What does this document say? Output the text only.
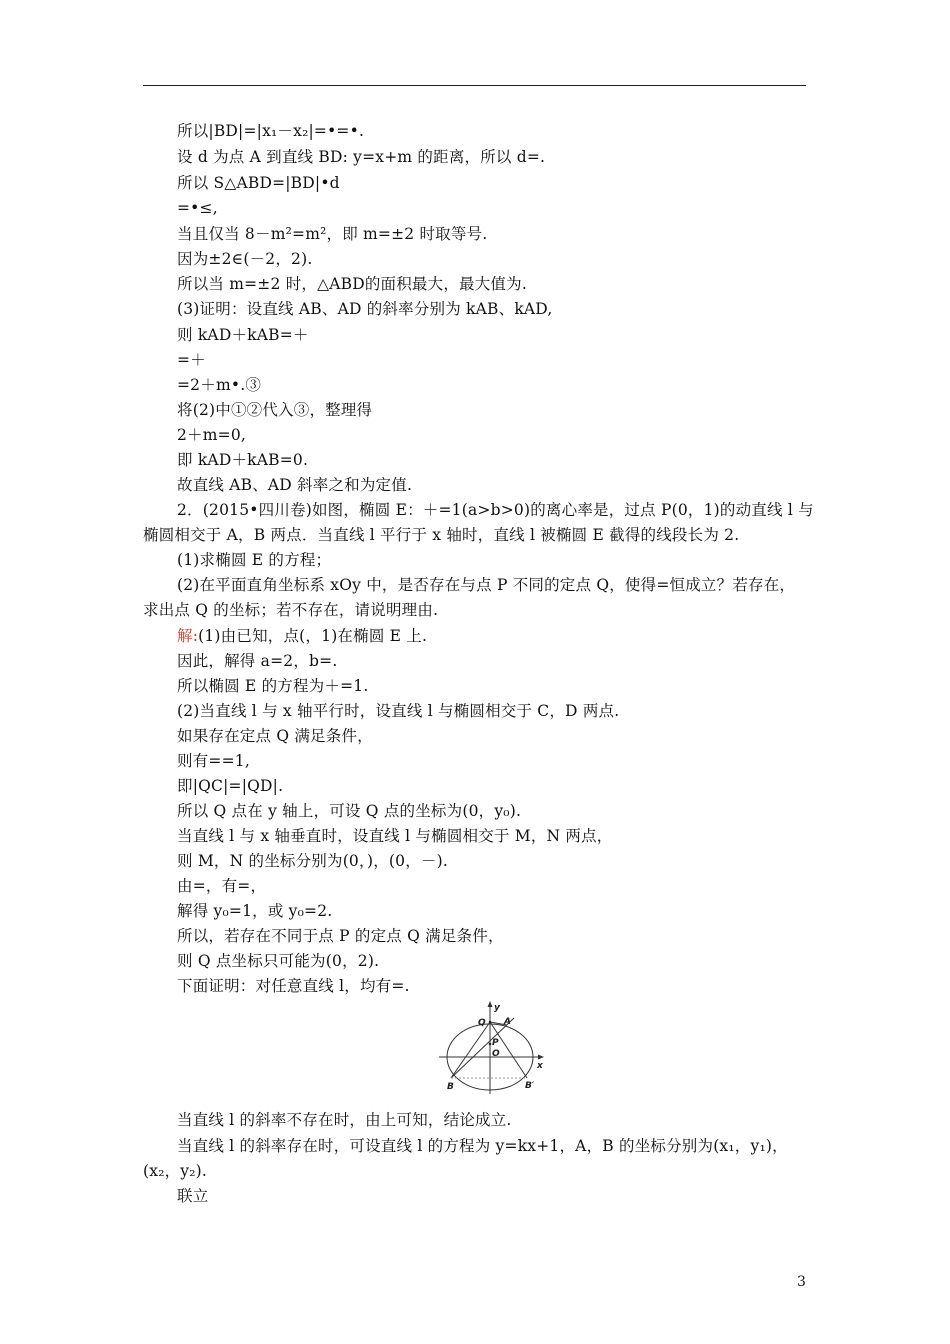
所以|BD|=|x₁－x₂|=•=•.
设 d 为点 A 到直线 BD: y=x+m 的距离，所以 d=.
所以 S△ABD=|BD|•d
=•≤,
当且仅当 8－m²=m²，即 m=±2 时取等号.
因为±2∈(－2，2).
所以当 m=±2 时，△ABD的面积最大，最大值为.
(3)证明：设直线 AB、AD 的斜率分别为 kAB、kAD,
则 kAD＋kAB=＋
=＋
=2＋m•.③
将(2)中①②代入③，整理得
2＋m=0,
即 kAD＋kAB=0.
故直线 AB、AD 斜率之和为定值.
2．(2015•四川卷)如图，椭圆 E：＋=1(a>b>0)的离心率是，过点 P(0，1)的动直线 l 与
椭圆相交于 A，B 两点．当直线 l 平行于 x 轴时，直线 l 被椭圆 E 截得的线段长为 2.
(1)求椭圆 E 的方程；
(2)在平面直角坐标系 xOy 中，是否存在与点 P 不同的定点 Q，使得=恒成立？若存在，
求出点 Q 的坐标；若不存在，请说明理由.
解:(1)由已知，点(，1)在椭圆 E 上.
因此，解得 a=2，b=.
所以椭圆 E 的方程为＋=1.
(2)当直线 l 与 x 轴平行时，设直线 l 与椭圆相交于 C，D 两点.
如果存在定点 Q 满足条件，
则有==1,
即|QC|=|QD|.
所以 Q 点在 y 轴上，可设 Q 点的坐标为(0，y₀).
当直线 l 与 x 轴垂直时，设直线 l 与椭圆相交于 M，N 两点，
则 M，N 的坐标分别为(0，)，(0，－).
由=，有=，
解得 y₀=1，或 y₀=2.
所以，若存在不同于点 P 的定点 Q 满足条件，
则 Q 点坐标只可能为(0，2).
下面证明：对任意直线 l，均有=.
y
x
Q A
P
O
B	B′
当直线 l 的斜率不存在时，由上可知，结论成立.
当直线 l 的斜率存在时，可设直线 l 的方程为 y=kx+1，A，B 的坐标分别为(x₁，y₁)，
(x₂，y₂).
联立
3
